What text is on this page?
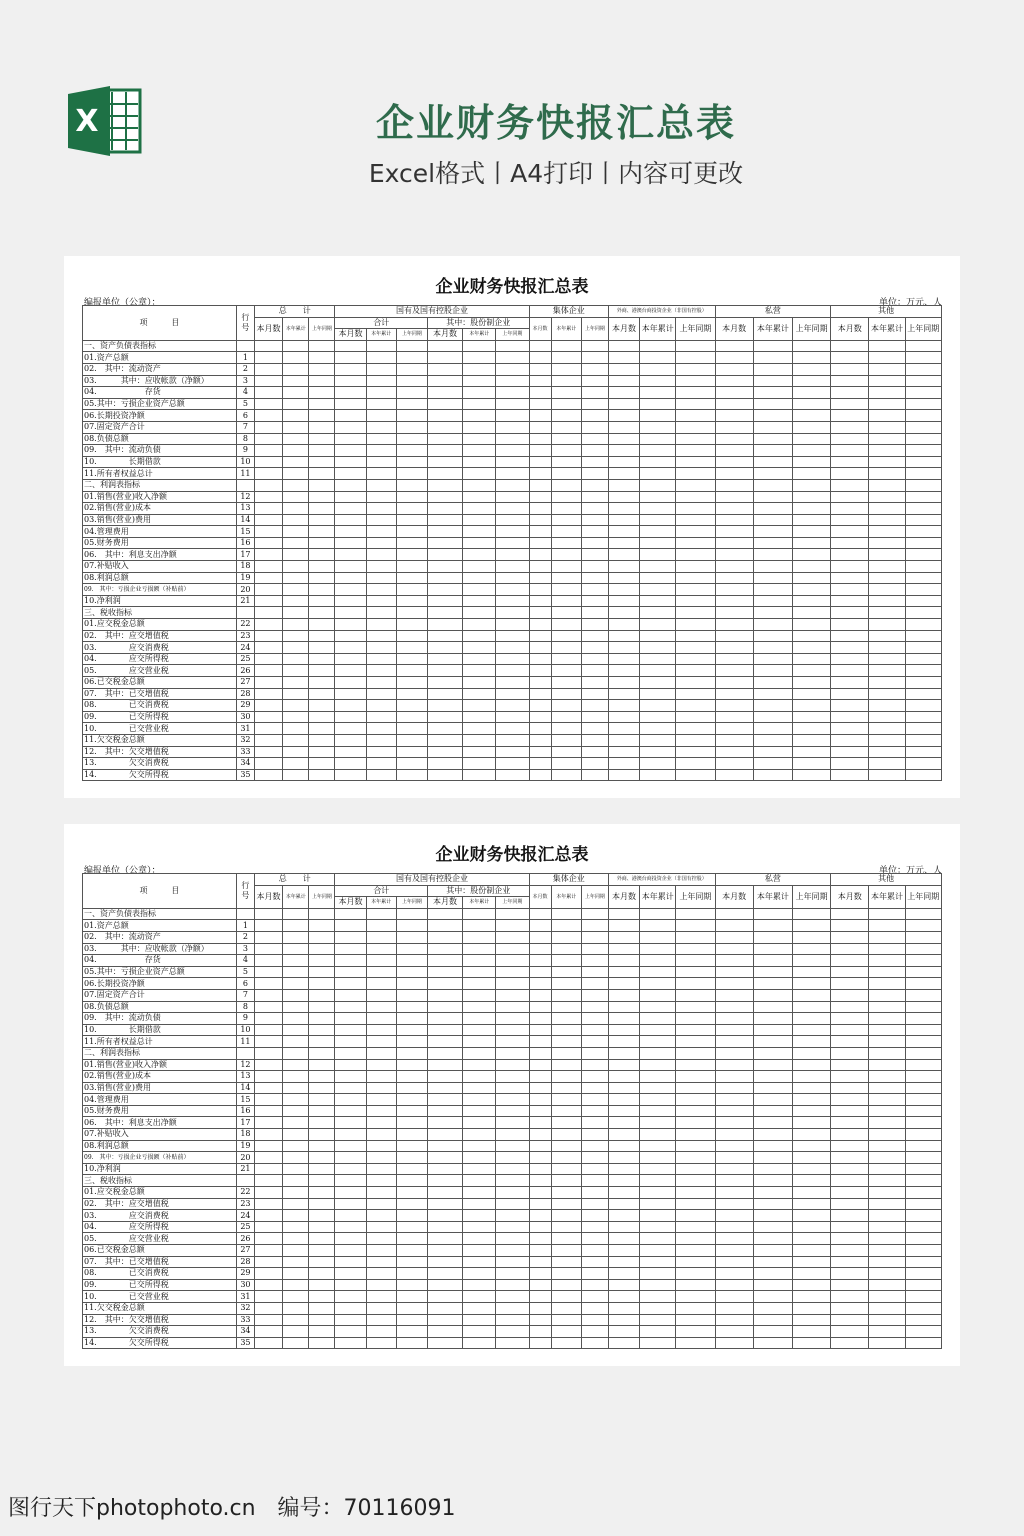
X	企业财务快报汇总表
Excel格式丨A4打印丨内容可更改
企业财务快报汇总表
编报单位（公章）：	单位：万元、人
项　　　目	行号	总　　计			国有及国有控股企业						集体企业			外商、港澳台商投资企业（非国有控股）			私营			其他		
		本月数	本年累计	上年同期	合计			其中：股份制企业			本月数	本年累计	上年同期	本月数	本年累计	上年同期	本月数	本年累计	上年同期	本月数	本年累计	上年同期
					本月数	本年累计	上年同期	本月数	本年累计	上年同期												
一、资产负债表指标																						
01.资产总额	1																					
02.　其中：流动资产	2																					
03.　　　其中：应收帐款（净额）	3																					
04.　　　　　　存货	4																					
05.其中：亏损企业资产总额	5																					
06.长期投资净额	6																					
07.固定资产合计	7																					
08.负债总额	8																					
09.　其中：流动负债	9																					
10.　　　　长期借款	10																					
11.所有者权益总计	11																					
二、利润表指标																						
01.销售(营业)收入净额	12																					
02.销售(营业)成本	13																					
03.销售(营业)费用	14																					
04.管理费用	15																					
05.财务费用	16																					
06.　其中：利息支出净额	17																					
07.补贴收入	18																					
08.利润总额	19																					
09.　其中：亏损企业亏损额（补贴前）	20																					
10.净利润	21																					
三、税收指标																						
01.应交税金总额	22																					
02.　其中：应交增值税	23																					
03.　　　　应交消费税	24																					
04.　　　　应交所得税	25																					
05.　　　　应交营业税	26																					
06.已交税金总额	27																					
07.　其中：已交增值税	28																					
08.　　　　已交消费税	29																					
09.　　　　已交所得税	30																					
10.　　　　已交营业税	31																					
11.欠交税金总额	32																					
12.　其中：欠交增值税	33																					
13.　　　　欠交消费税	34																					
14.　　　　欠交所得税	35																					
企业财务快报汇总表
编报单位（公章）：	单位：万元、人
项　　　目	行号	总　　计			国有及国有控股企业						集体企业			外商、港澳台商投资企业（非国有控股）			私营			其他		
		本月数	本年累计	上年同期	合计			其中：股份制企业			本月数	本年累计	上年同期	本月数	本年累计	上年同期	本月数	本年累计	上年同期	本月数	本年累计	上年同期
					本月数	本年累计	上年同期	本月数	本年累计	上年同期												
一、资产负债表指标																						
01.资产总额	1																					
02.　其中：流动资产	2																					
03.　　　其中：应收帐款（净额）	3																					
04.　　　　　　存货	4																					
05.其中：亏损企业资产总额	5																					
06.长期投资净额	6																					
07.固定资产合计	7																					
08.负债总额	8																					
09.　其中：流动负债	9																					
10.　　　　长期借款	10																					
11.所有者权益总计	11																					
二、利润表指标																						
01.销售(营业)收入净额	12																					
02.销售(营业)成本	13																					
03.销售(营业)费用	14																					
04.管理费用	15																					
05.财务费用	16																					
06.　其中：利息支出净额	17																					
07.补贴收入	18																					
08.利润总额	19																					
09.　其中：亏损企业亏损额（补贴前）	20																					
10.净利润	21																					
三、税收指标																						
01.应交税金总额	22																					
02.　其中：应交增值税	23																					
03.　　　　应交消费税	24																					
04.　　　　应交所得税	25																					
05.　　　　应交营业税	26																					
06.已交税金总额	27																					
07.　其中：已交增值税	28																					
08.　　　　已交消费税	29																					
09.　　　　已交所得税	30																					
10.　　　　已交营业税	31																					
11.欠交税金总额	32																					
12.　其中：欠交增值税	33																					
13.　　　　欠交消费税	34																					
14.　　　　欠交所得税	35																					
图行天下photophoto.cn　编号：70116091
